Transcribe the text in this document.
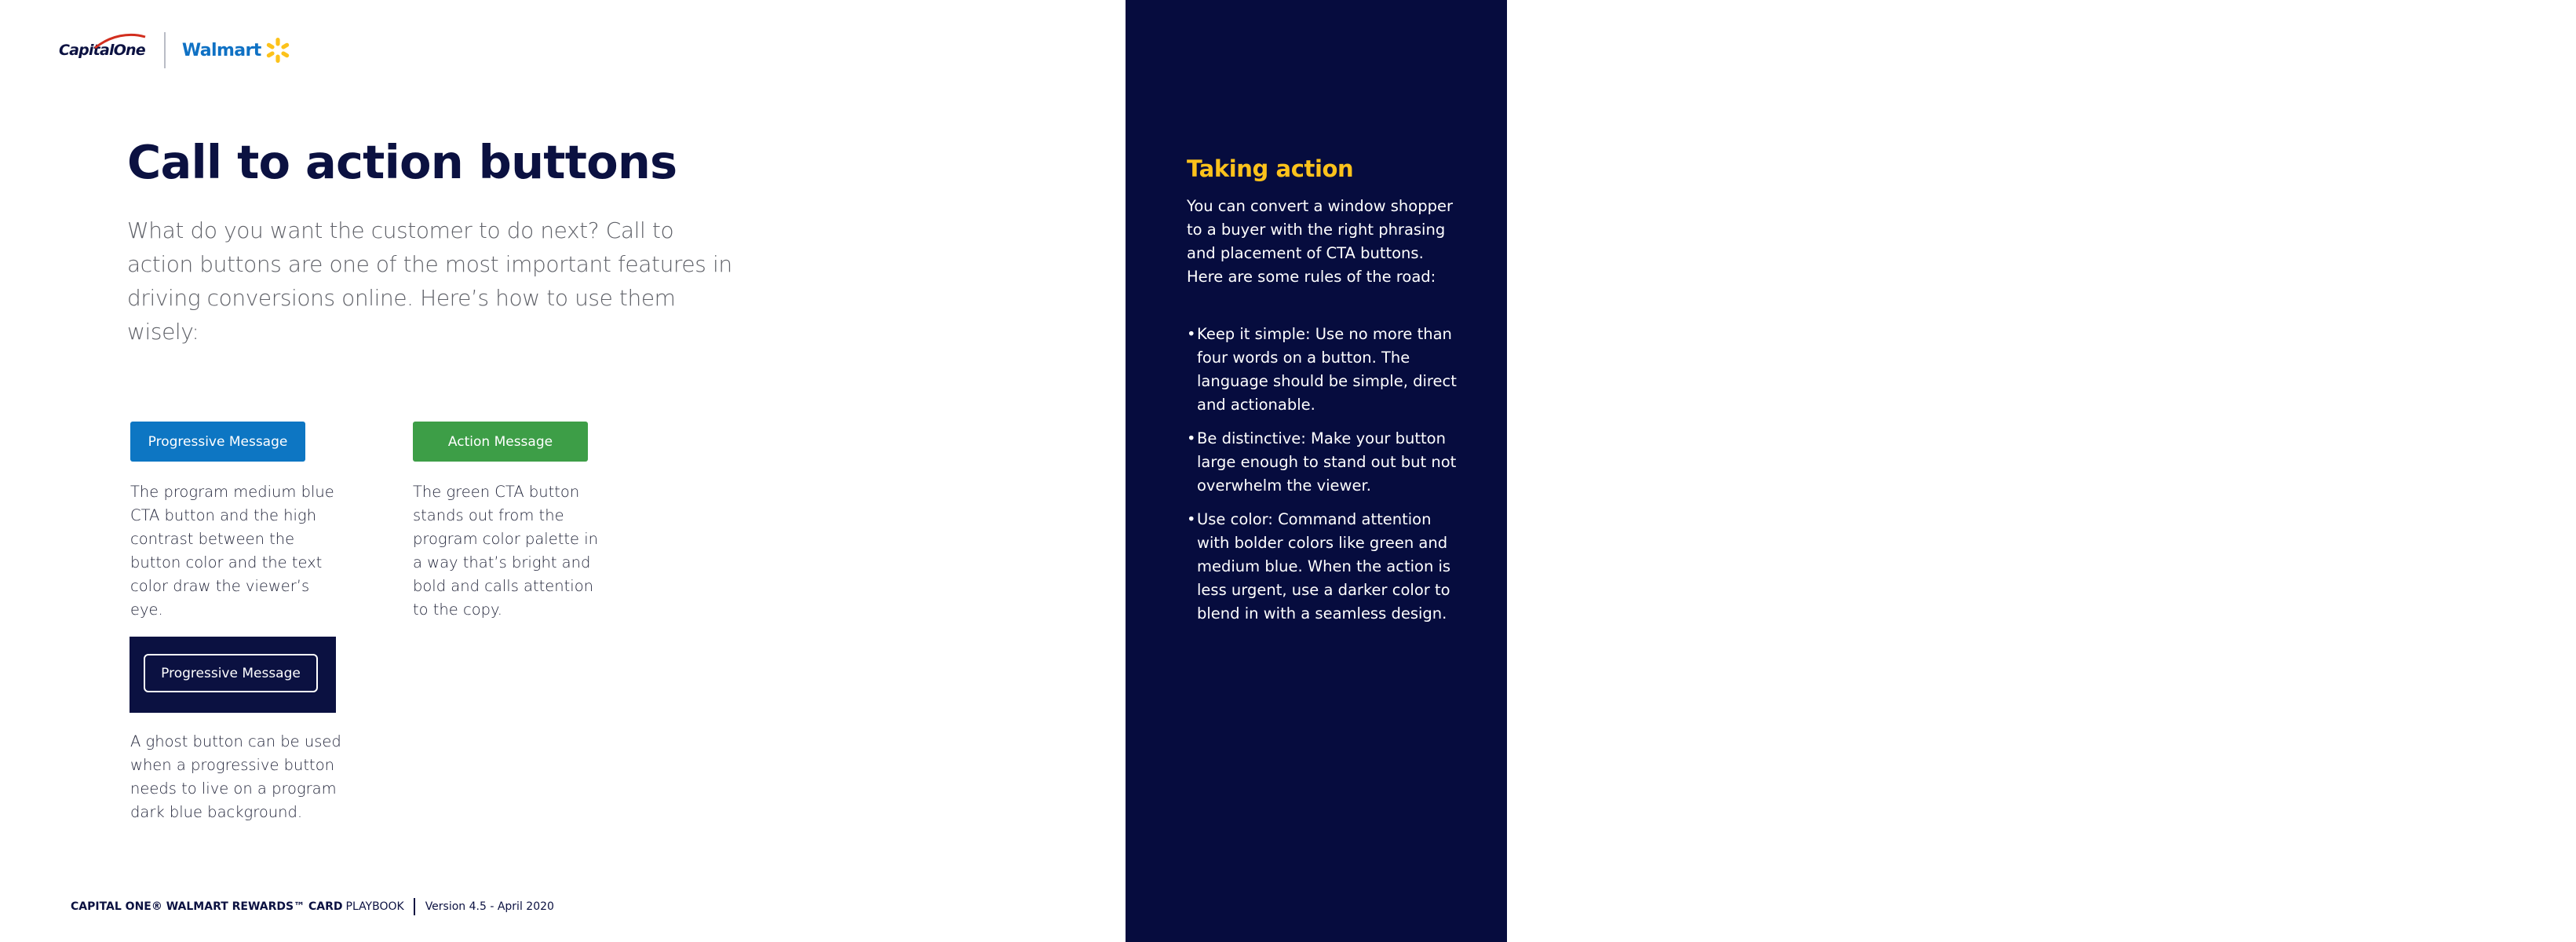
CapitalOne Walmart
Call to action buttons

What do you want the customer to do next? Call to action buttons are one of the most important features in driving conversions online. Here’s how to use them wisely:

Progressive Message	Action Message

The program medium blue CTA button and the high contrast between the button color and the text color draw the viewer’s eye.

The green CTA button stands out from the program color palette in a way that’s bright and bold and calls attention to the copy.

Progressive Message

A ghost button can be used when a progressive button needs to live on a program dark blue background.

CAPITAL ONE® WALMART REWARDS™ CARD PLAYBOOK Version 4.5 - April 2020
Taking action

You can convert a window shopper to a buyer with the right phrasing and placement of CTA buttons. Here are some rules of the road:

• Keep it simple: Use no more than four words on a button. The language should be simple, direct and actionable.
• Be distinctive: Make your button large enough to stand out but not overwhelm the viewer.
• Use color: Command attention with bolder colors like green and medium blue. When the action is less urgent, use a darker color to blend in with a seamless design.
33
